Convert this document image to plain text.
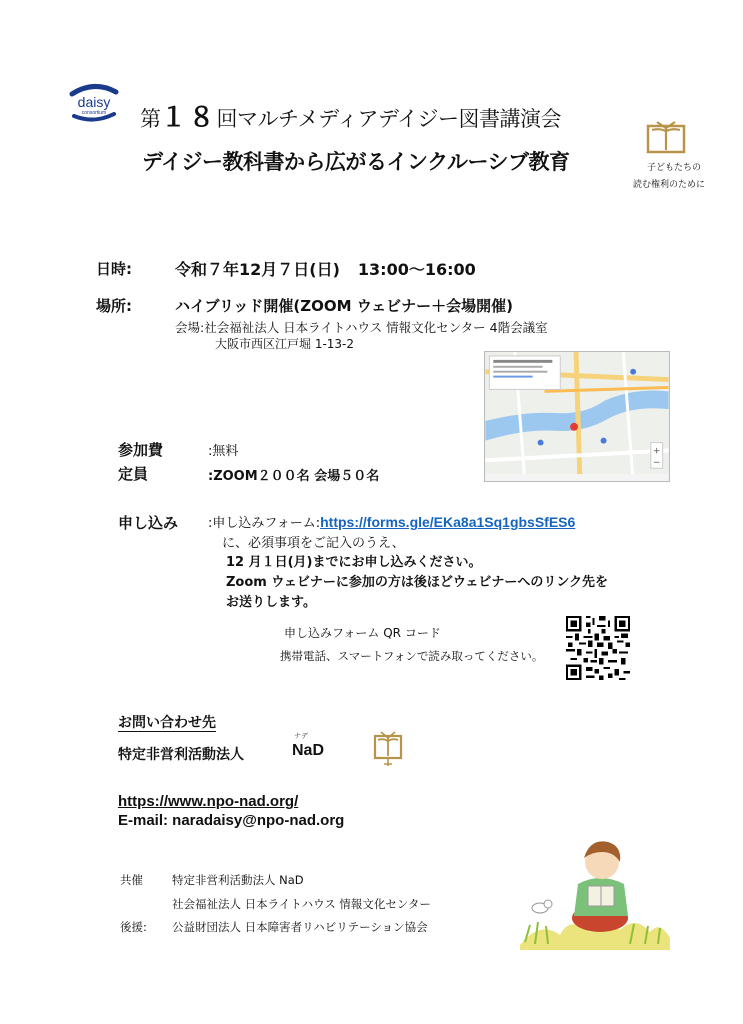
daisy
consortium 第１８回マルチメディアデイジー図書講演会
デイジー教科書から広がるインクルーシブ教育	子どもたちの
読む権利のために
日時:	令和７年12月７日(日) 13:00～16:00
場所:	ハイブリッド開催(ZOOM ウェビナー＋会場開催)
会場:社会福祉法人 日本ライトハウス 情報文化センター 4階会議室
大阪市西区江戸堀 1-13-2
+
−
参加費	:無料
定員	:ZOOM２００名 会場５０名
申し込み :申し込みフォーム:https://forms.gle/EKa8a1Sq1gbsSfES6
に、必須事項をご記入のうえ、
12 月１日(月)までにお申し込みください。
Zoom ウェビナーに参加の方は後ほどウェビナーへのリンク先を
お送りします。
申し込みフォーム QR コード
携帯電話、スマートフォンで読み取ってください。
お問い合わせ先
特定非営利活動法人
ナデ
NaD
https://www.npo-nad.org/
E-mail: naradaisy@npo-nad.org
共催	特定非営利活動法人 NaD
社会福祉法人 日本ライトハウス 情報文化センター
後援: 公益財団法人 日本障害者リハビリテーション協会
